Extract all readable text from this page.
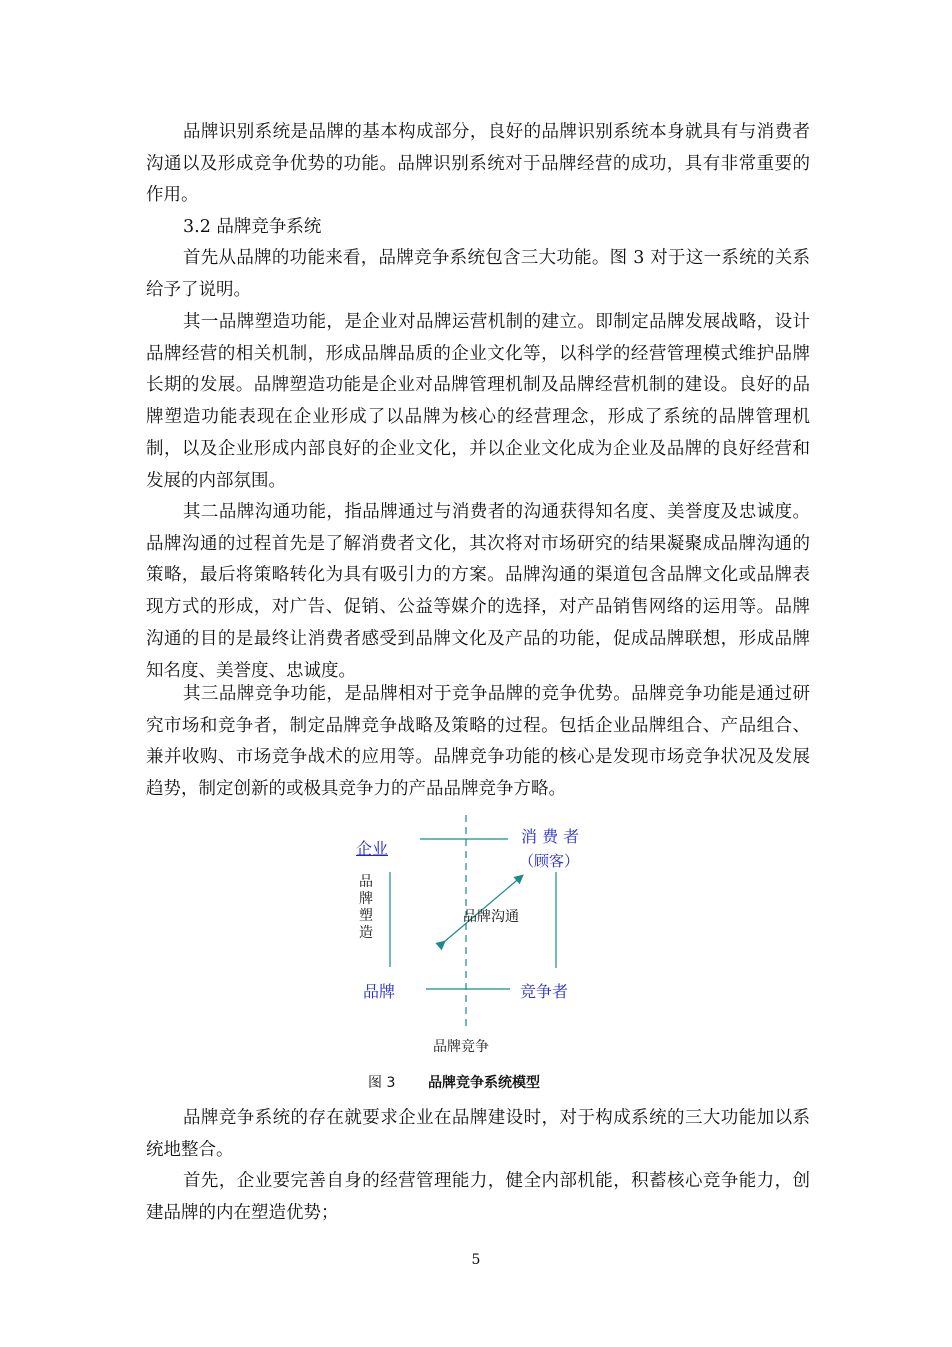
品牌识别系统是品牌的基本构成部分，良好的品牌识别系统本身就具有与消费者沟通以及形成竞争优势的功能。品牌识别系统对于品牌经营的成功，具有非常重要的作用。

3.2 品牌竞争系统

首先从品牌的功能来看，品牌竞争系统包含三大功能。图 3 对于这一系统的关系给予了说明。

其一品牌塑造功能，是企业对品牌运营机制的建立。即制定品牌发展战略，设计品牌经营的相关机制，形成品牌品质的企业文化等，以科学的经营管理模式维护品牌长期的发展。品牌塑造功能是企业对品牌管理机制及品牌经营机制的建设。良好的品牌塑造功能表现在企业形成了以品牌为核心的经营理念，形成了系统的品牌管理机制，以及企业形成内部良好的企业文化，并以企业文化成为企业及品牌的良好经营和发展的内部氛围。

其二品牌沟通功能，指品牌通过与消费者的沟通获得知名度、美誉度及忠诚度。品牌沟通的过程首先是了解消费者文化，其次将对市场研究的结果凝聚成品牌沟通的策略，最后将策略转化为具有吸引力的方案。品牌沟通的渠道包含品牌文化或品牌表现方式的形成，对广告、促销、公益等媒介的选择，对产品销售网络的运用等。品牌沟通的目的是最终让消费者感受到品牌文化及产品的功能，促成品牌联想，形成品牌知名度、美誉度、忠诚度。

其三品牌竞争功能，是品牌相对于竞争品牌的竞争优势。品牌竞争功能是通过研究市场和竞争者，制定品牌竞争战略及策略的过程。包括企业品牌组合、产品组合、兼并收购、市场竞争战术的应用等。品牌竞争功能的核心是发现市场竞争状况及发展趋势，制定创新的或极具竞争力的产品品牌竞争方略。

企业
消 费 者
（顾客）
品牌塑造
品牌沟通
品牌	竞争者
品牌竞争
图 3 品牌竞争系统模型

品牌竞争系统的存在就要求企业在品牌建设时，对于构成系统的三大功能加以系统地整合。

首先，企业要完善自身的经营管理能力，健全内部机能，积蓄核心竞争能力，创建品牌的内在塑造优势；

5
